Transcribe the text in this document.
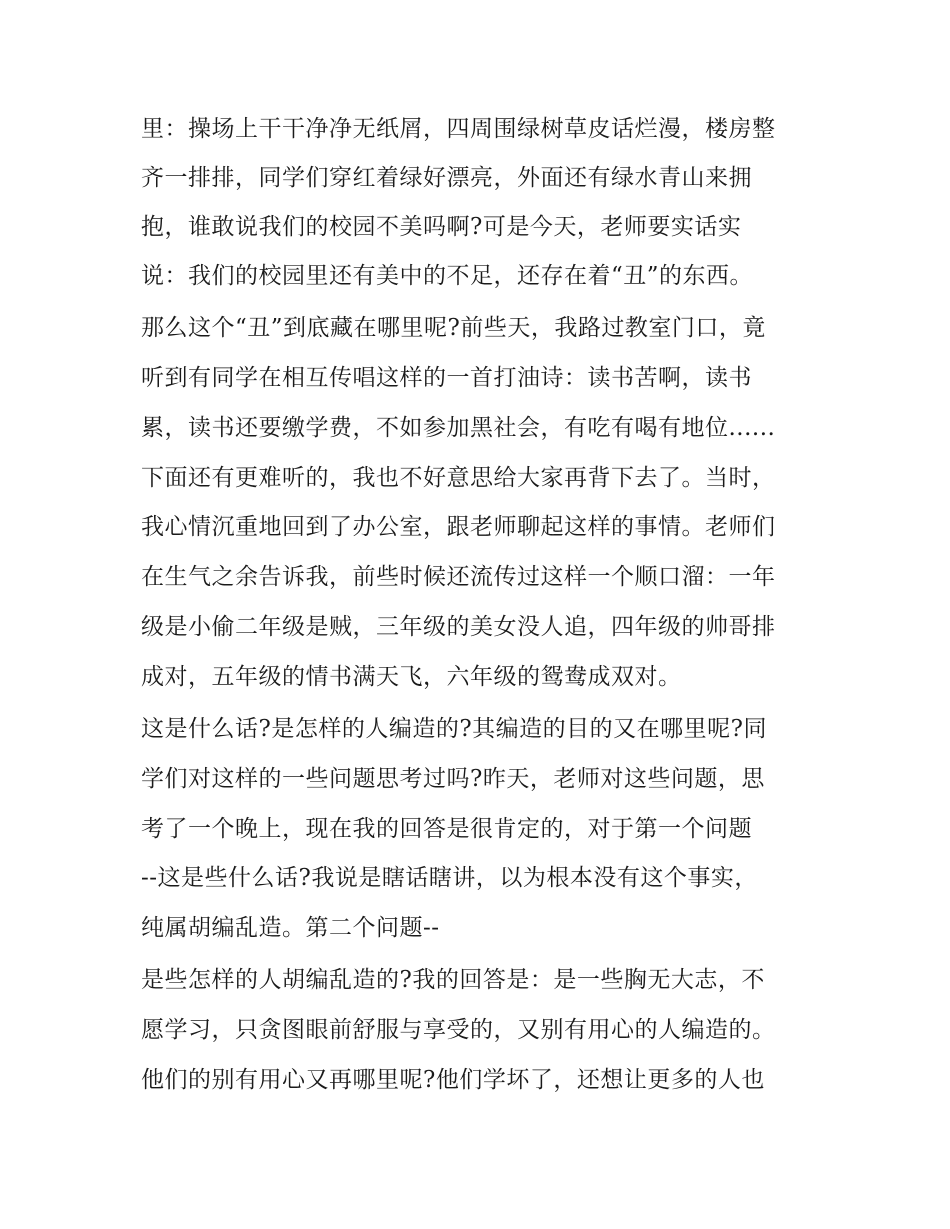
里：操场上干干净净无纸屑，四周围绿树草皮话烂漫，楼房整
齐一排排，同学们穿红着绿好漂亮，外面还有绿水青山来拥
抱，谁敢说我们的校园不美吗啊?可是今天，老师要实话实
说：我们的校园里还有美中的不足，还存在着“丑”的东西。
那么这个“丑”到底藏在哪里呢?前些天，我路过教室门口，竟
听到有同学在相互传唱这样的一首打油诗：读书苦啊，读书
累，读书还要缴学费，不如参加黑社会，有吃有喝有地位......
下面还有更难听的，我也不好意思给大家再背下去了。当时，
我心情沉重地回到了办公室，跟老师聊起这样的事情。老师们
在生气之余告诉我，前些时候还流传过这样一个顺口溜：一年
级是小偷二年级是贼，三年级的美女没人追，四年级的帅哥排
成对，五年级的情书满天飞，六年级的鸳鸯成双对。
这是什么话?是怎样的人编造的?其编造的目的又在哪里呢?同
学们对这样的一些问题思考过吗?昨天，老师对这些问题，思
考了一个晚上，现在我的回答是很肯定的，对于第一个问题
--这是些什么话?我说是瞎话瞎讲，以为根本没有这个事实，
纯属胡编乱造。第二个问题--
是些怎样的人胡编乱造的?我的回答是：是一些胸无大志，不
愿学习，只贪图眼前舒服与享受的，又别有用心的人编造的。
他们的别有用心又再哪里呢?他们学坏了，还想让更多的人也
